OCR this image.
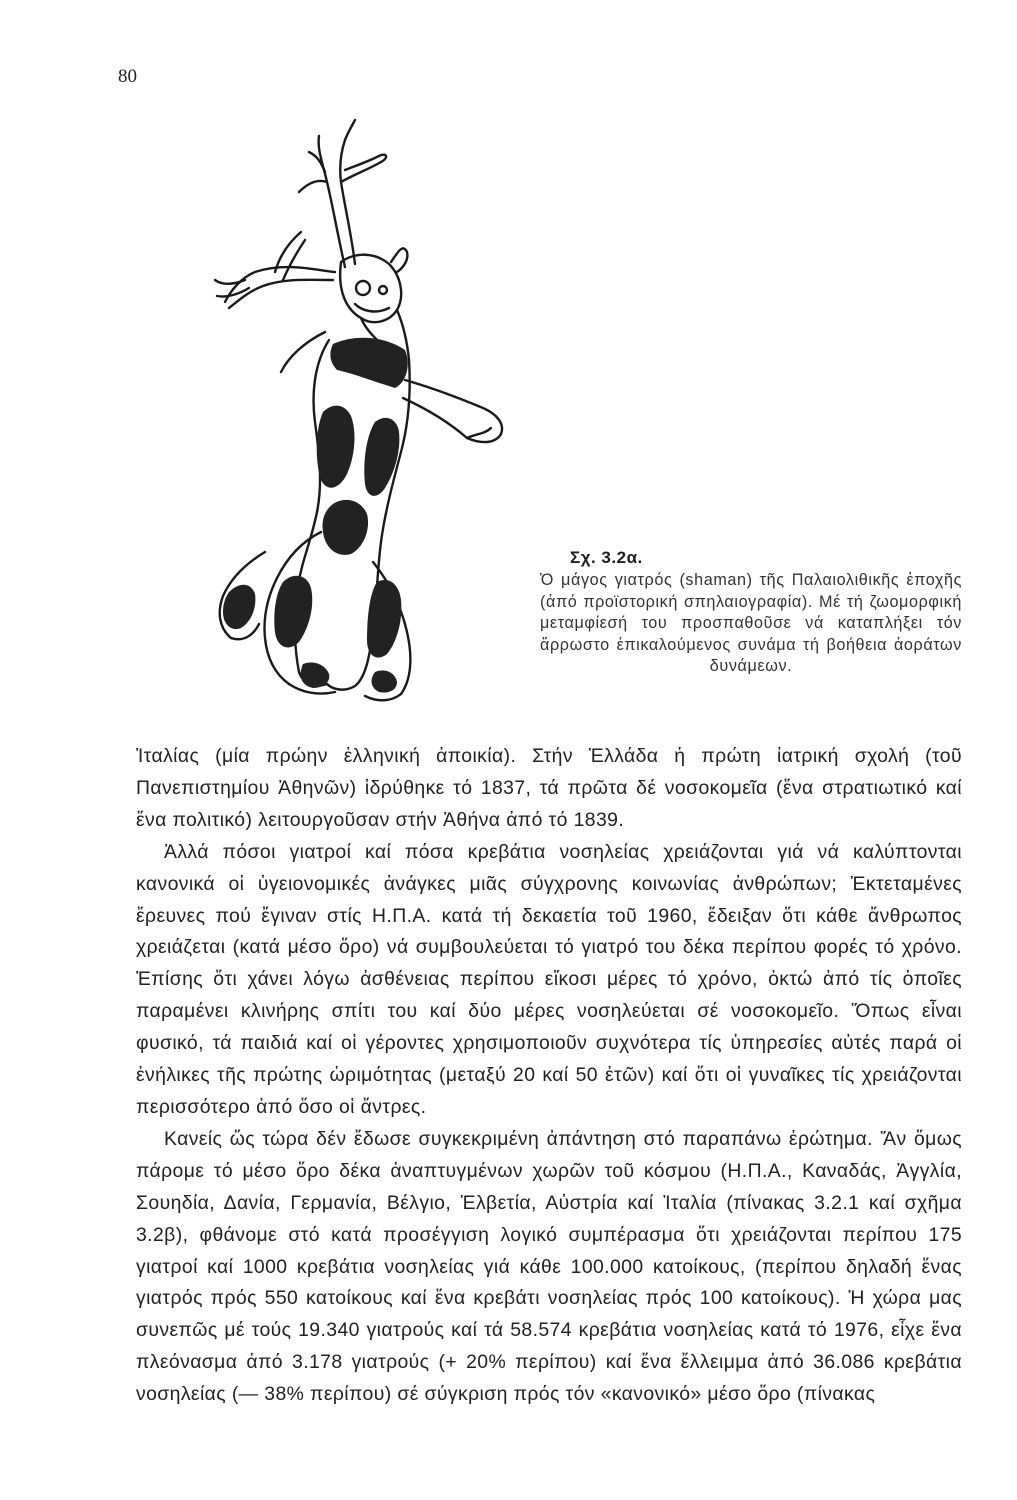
80
Σχ. 3.2α.

Ὁ μάγος γιατρός (shaman) τῆς Παλαιολιθικῆς ἐποχῆς (ἀπό προϊστορική σπηλαιογραφία). Μέ τή ζωομορφική μεταμφίεσή του προσπαθοῦσε νά καταπλήξει τόν ἄρρωστο ἐπικαλούμενος συνάμα τή βοήθεια ἀοράτων δυνάμεων.

Ἰταλίας (μία πρώην ἑλληνική ἀποικία). Στήν Ἑλλάδα ἡ πρώτη ἰατρική σχολή (τοῦ Πανεπιστημίου Ἀθηνῶν) ἱδρύθηκε τό 1837, τά πρῶτα δέ νοσοκομεῖα (ἕνα στρατιωτικό καί ἕνα πολιτικό) λειτουργοῦσαν στήν Ἀθήνα ἀπό τό 1839.

Ἀλλά πόσοι γιατροί καί πόσα κρεβάτια νοσηλείας χρειάζονται γιά νά καλύπτονται κανονικά οἱ ὑγειονομικές ἀνάγκες μιᾶς σύγχρονης κοινωνίας ἀνθρώπων; Ἐκτεταμένες ἔρευνες πού ἔγιναν στίς Η.Π.Α. κατά τή δεκαετία τοῦ 1960, ἔδειξαν ὅτι κάθε ἄνθρωπος χρειάζεται (κατά μέσο ὅρο) νά συμβουλεύεται τό γιατρό του δέκα περίπου φορές τό χρόνο. Ἐπίσης ὅτι χάνει λόγω ἀσθένειας περίπου εἴκοσι μέρες τό χρόνο, ὀκτώ ἀπό τίς ὁποῖες παραμένει κλινήρης σπίτι του καί δύο μέρες νοσηλεύεται σέ νοσοκομεῖο. Ὅπως εἶναι φυσικό, τά παιδιά καί οἱ γέροντες χρησιμοποιοῦν συχνότερα τίς ὑπηρεσίες αὐτές παρά οἱ ἐνήλικες τῆς πρώτης ὡριμότητας (μεταξύ 20 καί 50 ἐτῶν) καί ὅτι οἱ γυναῖκες τίς χρειάζονται περισσότερο ἀπό ὅσο οἱ ἄντρες.

Κανείς ὥς τώρα δέν ἔδωσε συγκεκριμένη ἀπάντηση στό παραπάνω ἐρώτημα. Ἄν ὅμως πάρομε τό μέσο ὅρο δέκα ἀναπτυγμένων χωρῶν τοῦ κόσμου (Η.Π.Α., Καναδάς, Ἀγγλία, Σουηδία, Δανία, Γερμανία, Βέλγιο, Ἑλβετία, Αὐστρία καί Ἰταλία (πίνακας 3.2.1 καί σχῆμα 3.2β), φθάνομε στό κατά προσέγγιση λογικό συμπέρασμα ὅτι χρειάζονται περίπου 175 γιατροί καί 1000 κρεβάτια νοσηλείας γιά κάθε 100.000 κατοίκους, (περίπου δηλαδή ἕνας γιατρός πρός 550 κατοίκους καί ἕνα κρεβάτι νοσηλείας πρός 100 κατοίκους). Ἡ χώρα μας συνεπῶς μέ τούς 19.340 γιατρούς καί τά 58.574 κρεβάτια νοσηλείας κατά τό 1976, εἶχε ἕνα πλεόνασμα ἀπό 3.178 γιατρούς (+ 20% περίπου) καί ἕνα ἔλλειμμα ἀπό 36.086 κρεβάτια νοσηλείας (— 38% περίπου) σέ σύγκριση πρός τόν «κανονικό» μέσο ὅρο (πίνακας
